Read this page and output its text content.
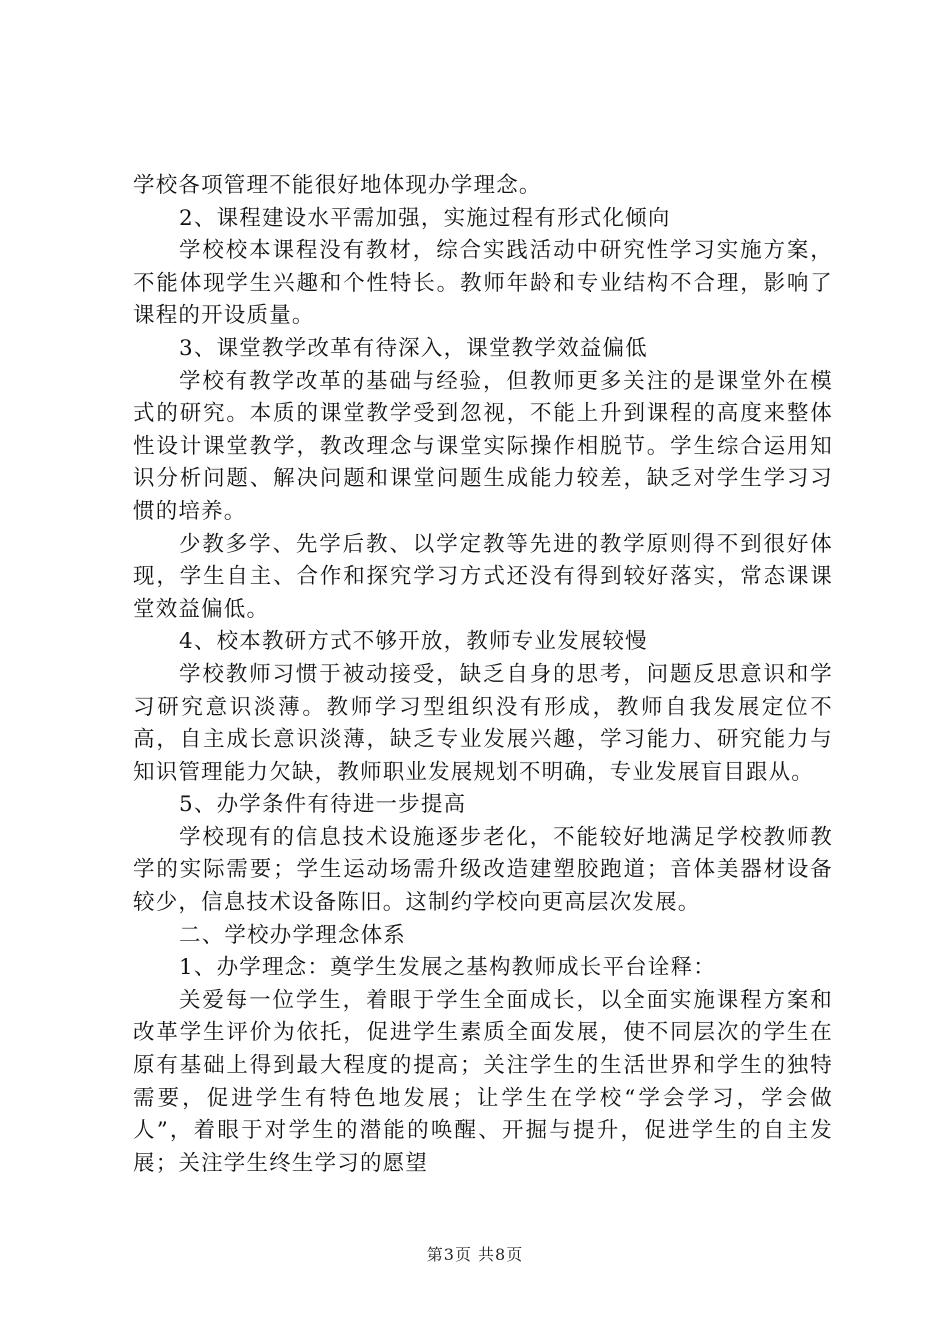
学校各项管理不能很好地体现办学理念。

2、课程建设水平需加强，实施过程有形式化倾向

学校校本课程没有教材，综合实践活动中研究性学习实施方案，不能体现学生兴趣和个性特长。教师年龄和专业结构不合理，影响了课程的开设质量。

3、课堂教学改革有待深入，课堂教学效益偏低

学校有教学改革的基础与经验，但教师更多关注的是课堂外在模式的研究。本质的课堂教学受到忽视，不能上升到课程的高度来整体性设计课堂教学，教改理念与课堂实际操作相脱节。学生综合运用知识分析问题、解决问题和课堂问题生成能力较差，缺乏对学生学习习惯的培养。

少教多学、先学后教、以学定教等先进的教学原则得不到很好体现，学生自主、合作和探究学习方式还没有得到较好落实，常态课课堂效益偏低。

4、校本教研方式不够开放，教师专业发展较慢

学校教师习惯于被动接受，缺乏自身的思考，问题反思意识和学习研究意识淡薄。教师学习型组织没有形成，教师自我发展定位不高，自主成长意识淡薄，缺乏专业发展兴趣，学习能力、研究能力与知识管理能力欠缺，教师职业发展规划不明确，专业发展盲目跟从。

5、办学条件有待进一步提高

学校现有的信息技术设施逐步老化，不能较好地满足学校教师教学的实际需要；学生运动场需升级改造建塑胶跑道；音体美器材设备较少，信息技术设备陈旧。这制约学校向更高层次发展。

二、学校办学理念体系

1、办学理念：奠学生发展之基构教师成长平台诠释：

关爱每一位学生，着眼于学生全面成长，以全面实施课程方案和改革学生评价为依托，促进学生素质全面发展，使不同层次的学生在原有基础上得到最大程度的提高；关注学生的生活世界和学生的独特需要，促进学生有特色地发展；让学生在学校“学会学习，学会做人”，着眼于对学生的潜能的唤醒、开掘与提升，促进学生的自主发展；关注学生终生学习的愿望

第3页 共8页
